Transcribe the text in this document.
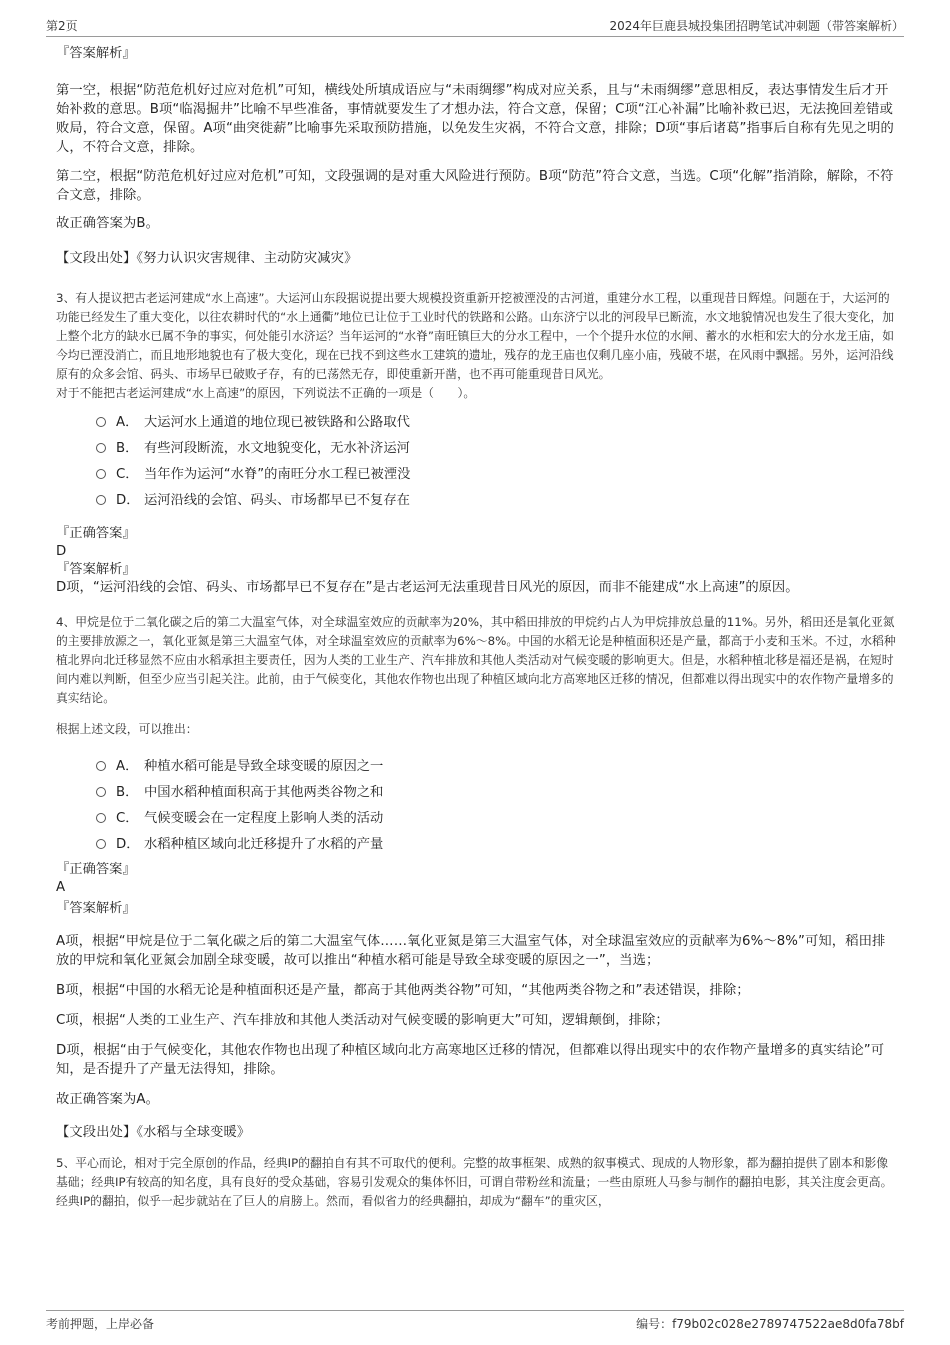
第2页	2024年巨鹿县城投集团招聘笔试冲刺题（带答案解析）

『答案解析』

第一空，根据“防范危机好过应对危机”可知，横线处所填成语应与“未雨绸缪”构成对应关系，且与“未雨绸缪”意思相反，表达事情发生后才开始补救的意思。B项“临渴掘井”比喻不早些准备，事情就要发生了才想办法，符合文意，保留；C项“江心补漏”比喻补救已迟，无法挽回差错或败局，符合文意，保留。A项“曲突徙薪”比喻事先采取预防措施，以免发生灾祸，不符合文意，排除；D项“事后诸葛”指事后自称有先见之明的人，不符合文意，排除。

第二空，根据“防范危机好过应对危机”可知，文段强调的是对重大风险进行预防。B项“防范”符合文意，当选。C项“化解”指消除，解除，不符合文意，排除。

故正确答案为B。

【文段出处】《努力认识灾害规律、主动防灾减灾》

3、有人提议把古老运河建成“水上高速”。大运河山东段据说提出要大规模投资重新开挖被湮没的古河道，重建分水工程，以重现昔日辉煌。问题在于，大运河的功能已经发生了重大变化，以往农耕时代的“水上通衢”地位已让位于工业时代的铁路和公路。山东济宁以北的河段早已断流，水文地貌情况也发生了很大变化，加上整个北方的缺水已属不争的事实，何处能引水济运？当年运河的“水脊”南旺镇巨大的分水工程中，一个个提升水位的水闸、蓄水的水柜和宏大的分水龙王庙，如今均已湮没消亡，而且地形地貌也有了极大变化，现在已找不到这些水工建筑的遗址，残存的龙王庙也仅剩几座小庙，残破不堪，在风雨中飘摇。另外，运河沿线原有的众多会馆、码头、市场早已破败孑存，有的已荡然无存，即使重新开凿，也不再可能重现昔日风光。

对于不能把古老运河建成“水上高速”的原因，下列说法不正确的一项是（　　）。

A． 大运河水上通道的地位现已被铁路和公路取代
B． 有些河段断流，水文地貌变化，无水补济运河
C． 当年作为运河“水脊”的南旺分水工程已被湮没
D． 运河沿线的会馆、码头、市场都早已不复存在

『正确答案』

D

『答案解析』

D项，“运河沿线的会馆、码头、市场都早已不复存在”是古老运河无法重现昔日风光的原因，而非不能建成“水上高速”的原因。

4、甲烷是位于二氧化碳之后的第二大温室气体，对全球温室效应的贡献率为20%，其中稻田排放的甲烷约占人为甲烷排放总量的11%。另外，稻田还是氧化亚氮的主要排放源之一，氧化亚氮是第三大温室气体，对全球温室效应的贡献率为6%～8%。中国的水稻无论是种植面积还是产量，都高于小麦和玉米。不过，水稻种植北界向北迁移显然不应由水稻承担主要责任，因为人类的工业生产、汽车排放和其他人类活动对气候变暖的影响更大。但是，水稻种植北移是福还是祸，在短时间内难以判断，但至少应当引起关注。此前，由于气候变化，其他农作物也出现了种植区域向北方高寒地区迁移的情况，但都难以得出现实中的农作物产量增多的真实结论。

根据上述文段，可以推出：

A． 种植水稻可能是导致全球变暖的原因之一
B． 中国水稻种植面积高于其他两类谷物之和
C． 气候变暖会在一定程度上影响人类的活动
D． 水稻种植区域向北迁移提升了水稻的产量

『正确答案』

A

『答案解析』

A项，根据“甲烷是位于二氧化碳之后的第二大温室气体……氧化亚氮是第三大温室气体，对全球温室效应的贡献率为6%～8%”可知，稻田排放的甲烷和氧化亚氮会加剧全球变暖，故可以推出“种植水稻可能是导致全球变暖的原因之一”，当选；

B项，根据“中国的水稻无论是种植面积还是产量，都高于其他两类谷物”可知，“其他两类谷物之和”表述错误，排除；

C项，根据“人类的工业生产、汽车排放和其他人类活动对气候变暖的影响更大”可知，逻辑颠倒，排除；

D项，根据“由于气候变化，其他农作物也出现了种植区域向北方高寒地区迁移的情况，但都难以得出现实中的农作物产量增多的真实结论”可知，是否提升了产量无法得知，排除。

故正确答案为A。

【文段出处】《水稻与全球变暖》

5、平心而论，相对于完全原创的作品，经典IP的翻拍自有其不可取代的便利。完整的故事框架、成熟的叙事模式、现成的人物形象，都为翻拍提供了剧本和影像基础；经典IP有较高的知名度，具有良好的受众基础，容易引发观众的集体怀旧，可谓自带粉丝和流量；一些由原班人马参与制作的翻拍电影，其关注度会更高。经典IP的翻拍，似乎一起步就站在了巨人的肩膀上。然而，看似省力的经典翻拍，却成为“翻车”的重灾区，

考前押题，上岸必备	编号：f79b02c028e2789747522ae8d0fa78bf
